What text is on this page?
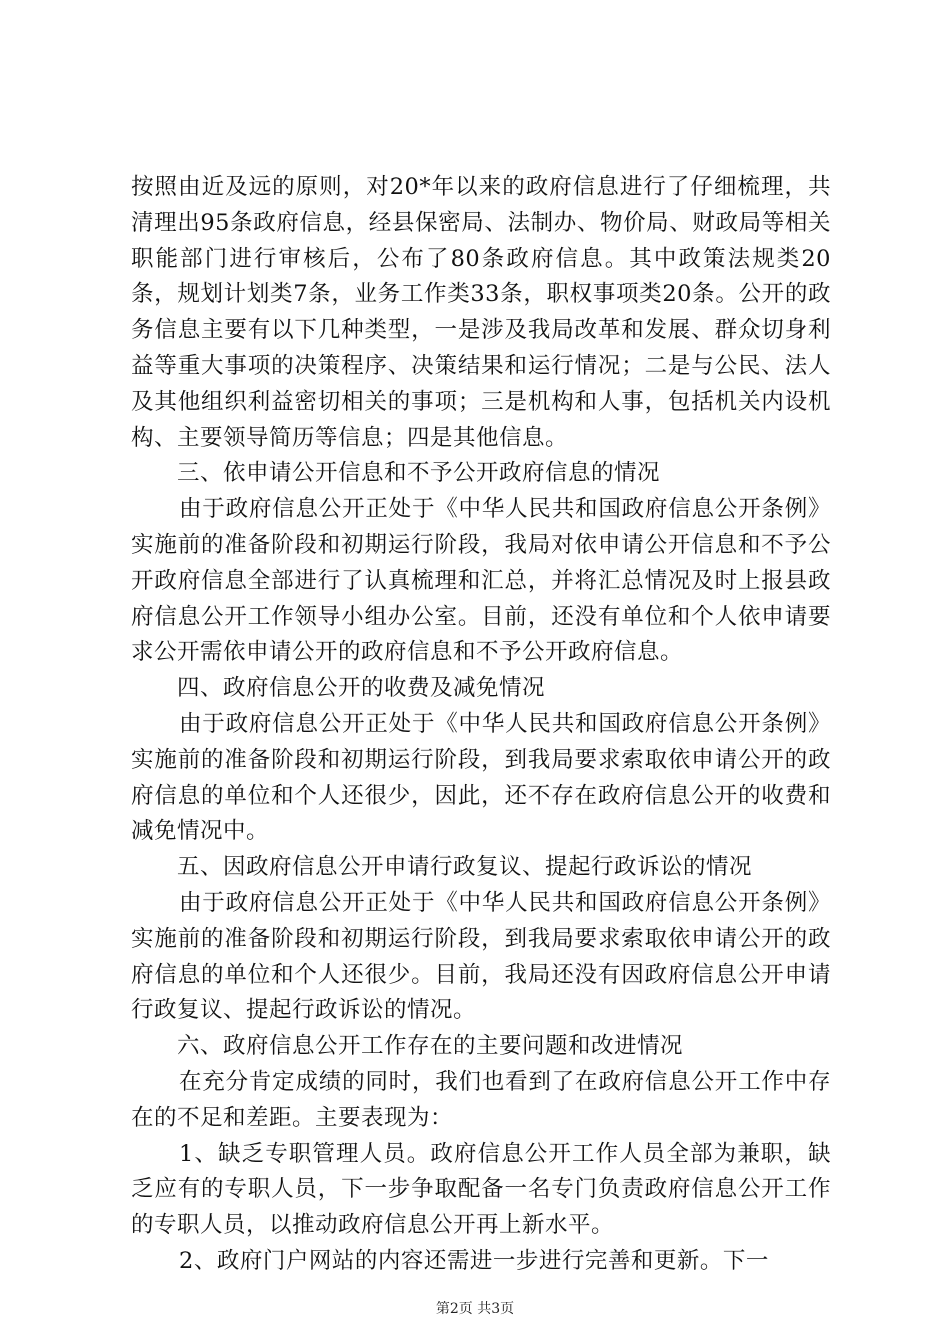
按照由近及远的原则，对20*年以来的政府信息进行了仔细梳理，共清理出95条政府信息，经县保密局、法制办、物价局、财政局等相关职能部门进行审核后，公布了80条政府信息。其中政策法规类20条，规划计划类7条，业务工作类33条，职权事项类20条。公开的政务信息主要有以下几种类型，一是涉及我局改革和发展、群众切身利益等重大事项的决策程序、决策结果和运行情况；二是与公民、法人及其他组织利益密切相关的事项；三是机构和人事，包括机关内设机构、主要领导简历等信息；四是其他信息。

三、依申请公开信息和不予公开政府信息的情况

由于政府信息公开正处于《中华人民共和国政府信息公开条例》实施前的准备阶段和初期运行阶段，我局对依申请公开信息和不予公开政府信息全部进行了认真梳理和汇总，并将汇总情况及时上报县政府信息公开工作领导小组办公室。目前，还没有单位和个人依申请要求公开需依申请公开的政府信息和不予公开政府信息。

四、政府信息公开的收费及减免情况

由于政府信息公开正处于《中华人民共和国政府信息公开条例》实施前的准备阶段和初期运行阶段，到我局要求索取依申请公开的政府信息的单位和个人还很少，因此，还不存在政府信息公开的收费和减免情况中。

五、因政府信息公开申请行政复议、提起行政诉讼的情况

由于政府信息公开正处于《中华人民共和国政府信息公开条例》实施前的准备阶段和初期运行阶段，到我局要求索取依申请公开的政府信息的单位和个人还很少。目前，我局还没有因政府信息公开申请行政复议、提起行政诉讼的情况。

六、政府信息公开工作存在的主要问题和改进情况

在充分肯定成绩的同时，我们也看到了在政府信息公开工作中存在的不足和差距。主要表现为：

1、缺乏专职管理人员。政府信息公开工作人员全部为兼职，缺乏应有的专职人员，下一步争取配备一名专门负责政府信息公开工作的专职人员，以推动政府信息公开再上新水平。

2、政府门户网站的内容还需进一步进行完善和更新。下一

第2页 共3页
